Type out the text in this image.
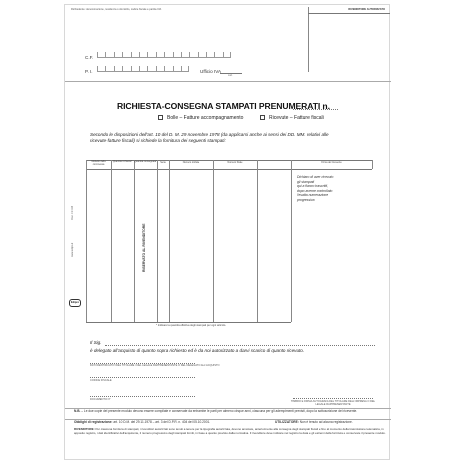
Richiedente: denominazione, residenza o domicilio, codice fiscale e partita IVA	RIVENDITORE AUTORIZZATO
C.F.
P. I.	Ufficio IVA
cod.
RICHIESTA-CONSEGNA STAMPATI PRENUMERATI n.
Bolle – Fatture accompagnamento	Ricevute – Fatture fiscali
Secondo le disposizioni dell'art. 10 del D. M. 29 novembre 1978 (da applicarsi anche ai sensi dei DD. MM. relativi alle
ricevute-fatture fiscali) si richiede la fornitura dei seguenti stampati:
Mod. CR 165
www.edipro.it
Edipro
Modello della commessa
Quantità richiesta* Quantità consegnata*	Serie	Numero iniziale	Numero finale	Firma del ricevente
RISERVATO AL RIVENDITORE
* Indicare la quantità effettiva degli stampati per ogni articolo.
Dichiaro di aver ricevuto
gli stampati
qui a fianco trascritti,
dopo averne controllato
l'esatta numerazione
progressiva
Il Sig.
è delegato all'acquisto di quanto sopra richiesto ed è da noi autorizzato a darvi scarico di quanto ricevuto.
DATI IDENTIFICATIVI DEL TITOLARE / DEL LEGALE RAPPRESENTANTE O DEL DELEGATO ALL'ACQUISTO
CODICE FISCALE
DOCUMENTO N°
TIMBRO E FIRMA AUTOGRAFA DEL TITOLARE DELL'IMPRESA O DEL LEGALE RAPPRESENTANTE
N.B. – Le due copie del presente modulo devono essere compilate e conservate da entrambe le parti per almeno cinque anni, ciascuna per gli adempimenti previsti, dopo la sottoscrizione del ricevente.
Obblighi di registrazione: art. 10 D.M. del 29.11.1978 – art. 3 del D.P.R. n. 404 del 05.10.2001.	UTILIZZATORE: Non è tenuto ad alcuna registrazione.
RIVENDITORE: Per ciascuna fornitura di stampati, i rivenditori autorizzati sono tenuti a tenere per la tipografia autorizzata, devono annotare, anteriormente alla consegna degli stampati fiscali e fino al momento della trasmissione telematica, in apposito registro, i dati identificativi dell'acquirente, il numero progressivo degli stampati forniti, in base a quanto previsto dalla normativa. Il rivenditore deve indicare nel registro la data e gli estremi della fornitura e conservare il presente modulo.
